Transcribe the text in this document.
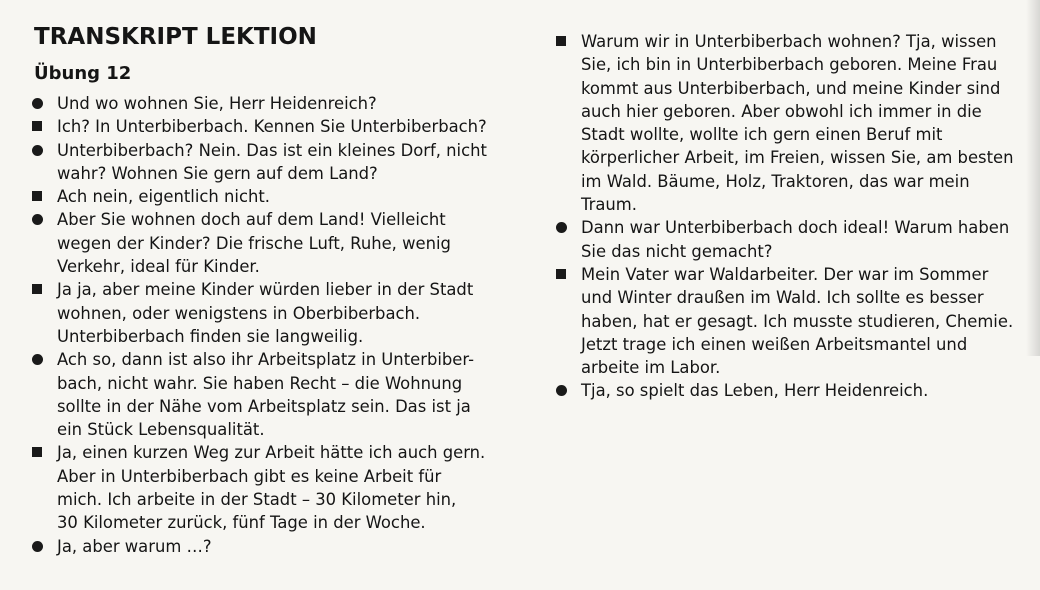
TRANSKRIPT LEKTION
Übung 12
Und wo wohnen Sie, Herr Heidenreich?
Ich? In Unterbiberbach. Kennen Sie Unterbiberbach?
Unterbiberbach? Nein. Das ist ein kleines Dorf, nicht
wahr? Wohnen Sie gern auf dem Land?
Ach nein, eigentlich nicht.
Aber Sie wohnen doch auf dem Land! Vielleicht
wegen der Kinder? Die frische Luft, Ruhe, wenig
Verkehr, ideal für Kinder.
Ja ja, aber meine Kinder würden lieber in der Stadt
wohnen, oder wenigstens in Oberbiberbach.
Unterbiberbach finden sie langweilig.
Ach so, dann ist also ihr Arbeitsplatz in Unterbiber-
bach, nicht wahr. Sie haben Recht – die Wohnung
sollte in der Nähe vom Arbeitsplatz sein. Das ist ja
ein Stück Lebensqualität.
Ja, einen kurzen Weg zur Arbeit hätte ich auch gern.
Aber in Unterbiberbach gibt es keine Arbeit für
mich. Ich arbeite in der Stadt – 30 Kilometer hin,
30 Kilometer zurück, fünf Tage in der Woche.
Ja, aber warum …?
Warum wir in Unterbiberbach wohnen? Tja, wissen
Sie, ich bin in Unterbiberbach geboren. Meine Frau
kommt aus Unterbiberbach, und meine Kinder sind
auch hier geboren. Aber obwohl ich immer in die
Stadt wollte, wollte ich gern einen Beruf mit
körperlicher Arbeit, im Freien, wissen Sie, am besten
im Wald. Bäume, Holz, Traktoren, das war mein
Traum.
Dann war Unterbiberbach doch ideal! Warum haben
Sie das nicht gemacht?
Mein Vater war Waldarbeiter. Der war im Sommer
und Winter draußen im Wald. Ich sollte es besser
haben, hat er gesagt. Ich musste studieren, Chemie.
Jetzt trage ich einen weißen Arbeitsmantel und
arbeite im Labor.
Tja, so spielt das Leben, Herr Heidenreich.
